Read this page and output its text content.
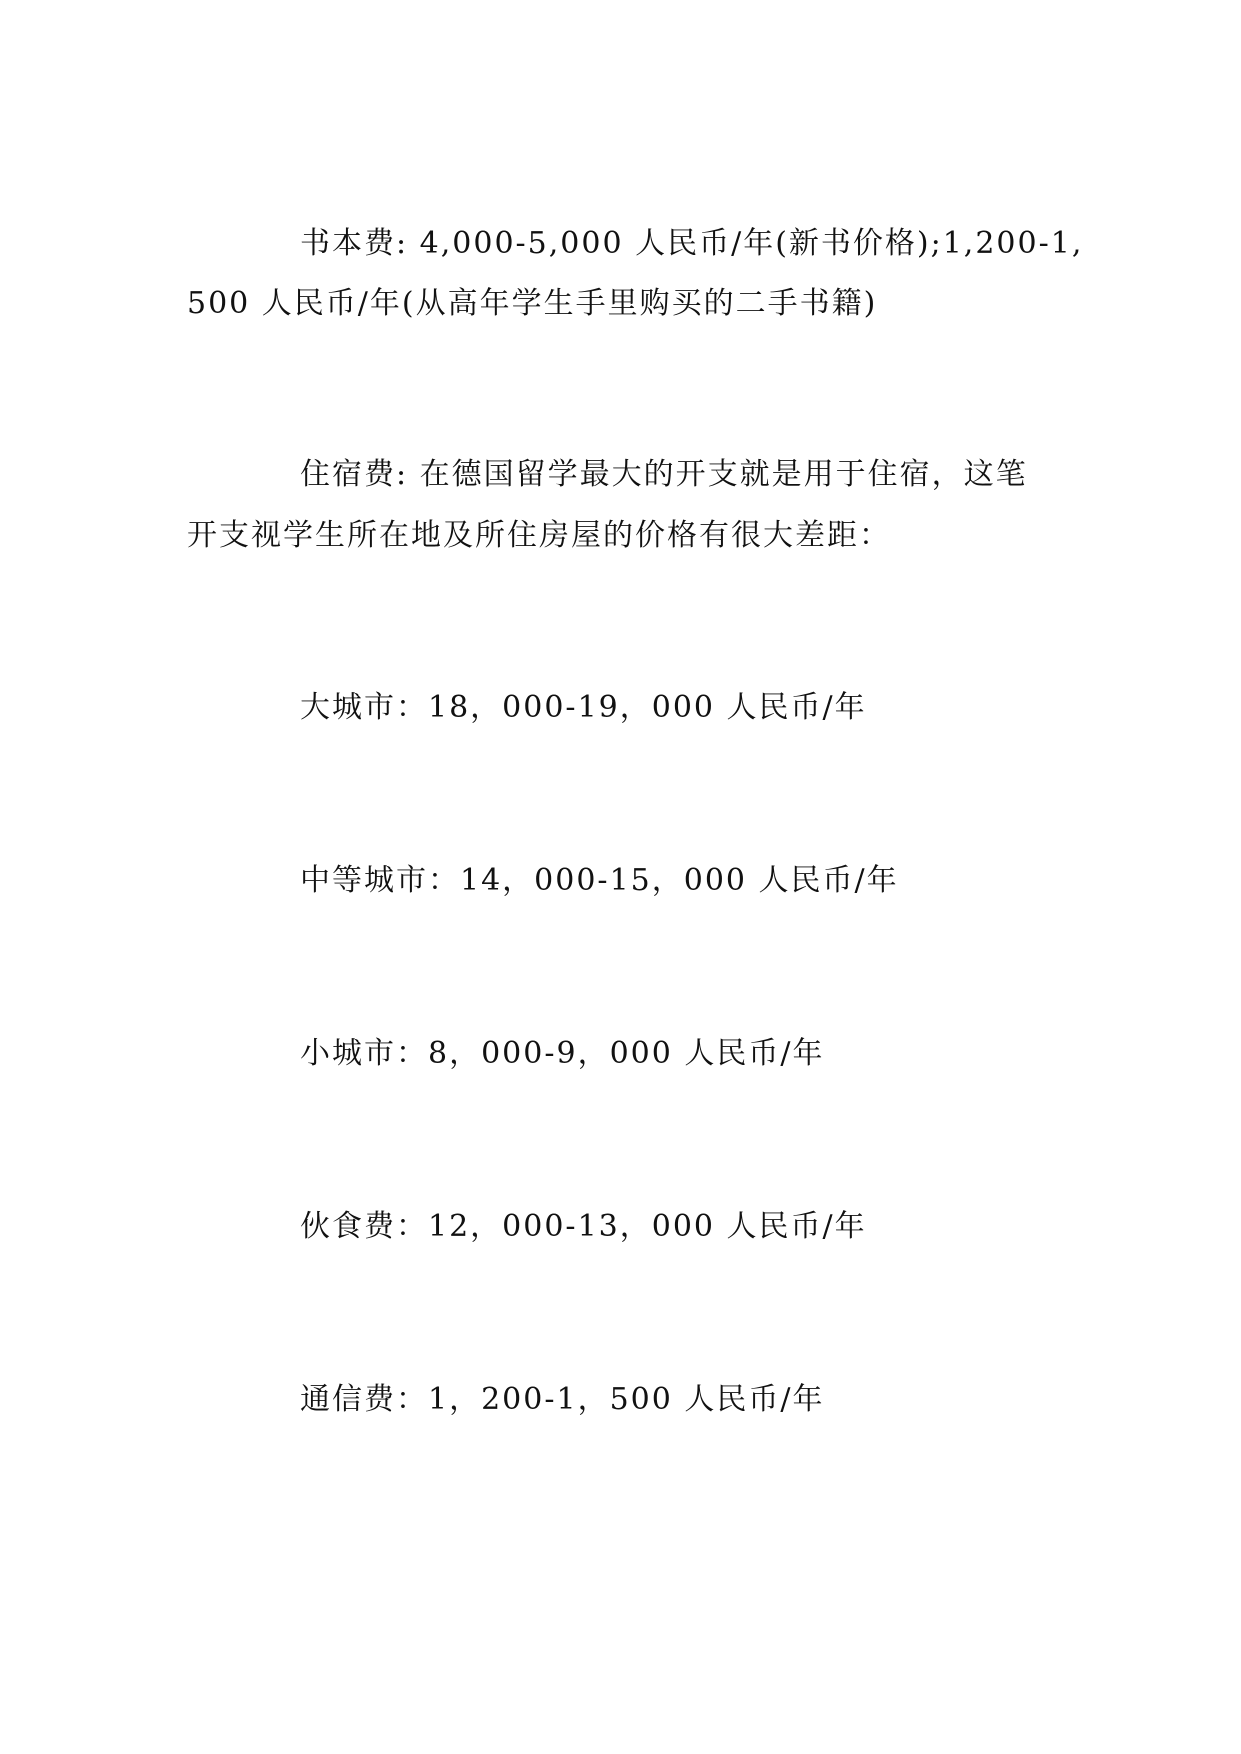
书本费: 4,000-5,000 人民币/年(新书价格);1,200-1,
500 人民币/年(从高年学生手里购买的二手书籍)
住宿费: 在德国留学最大的开支就是用于住宿，这笔
开支视学生所在地及所住房屋的价格有很大差距：
大城市：18，000-19，000 人民币/年
中等城市：14，000-15，000 人民币/年
小城市：8，000-9，000 人民币/年
伙食费：12，000-13，000 人民币/年
通信费：1，200-1，500 人民币/年
